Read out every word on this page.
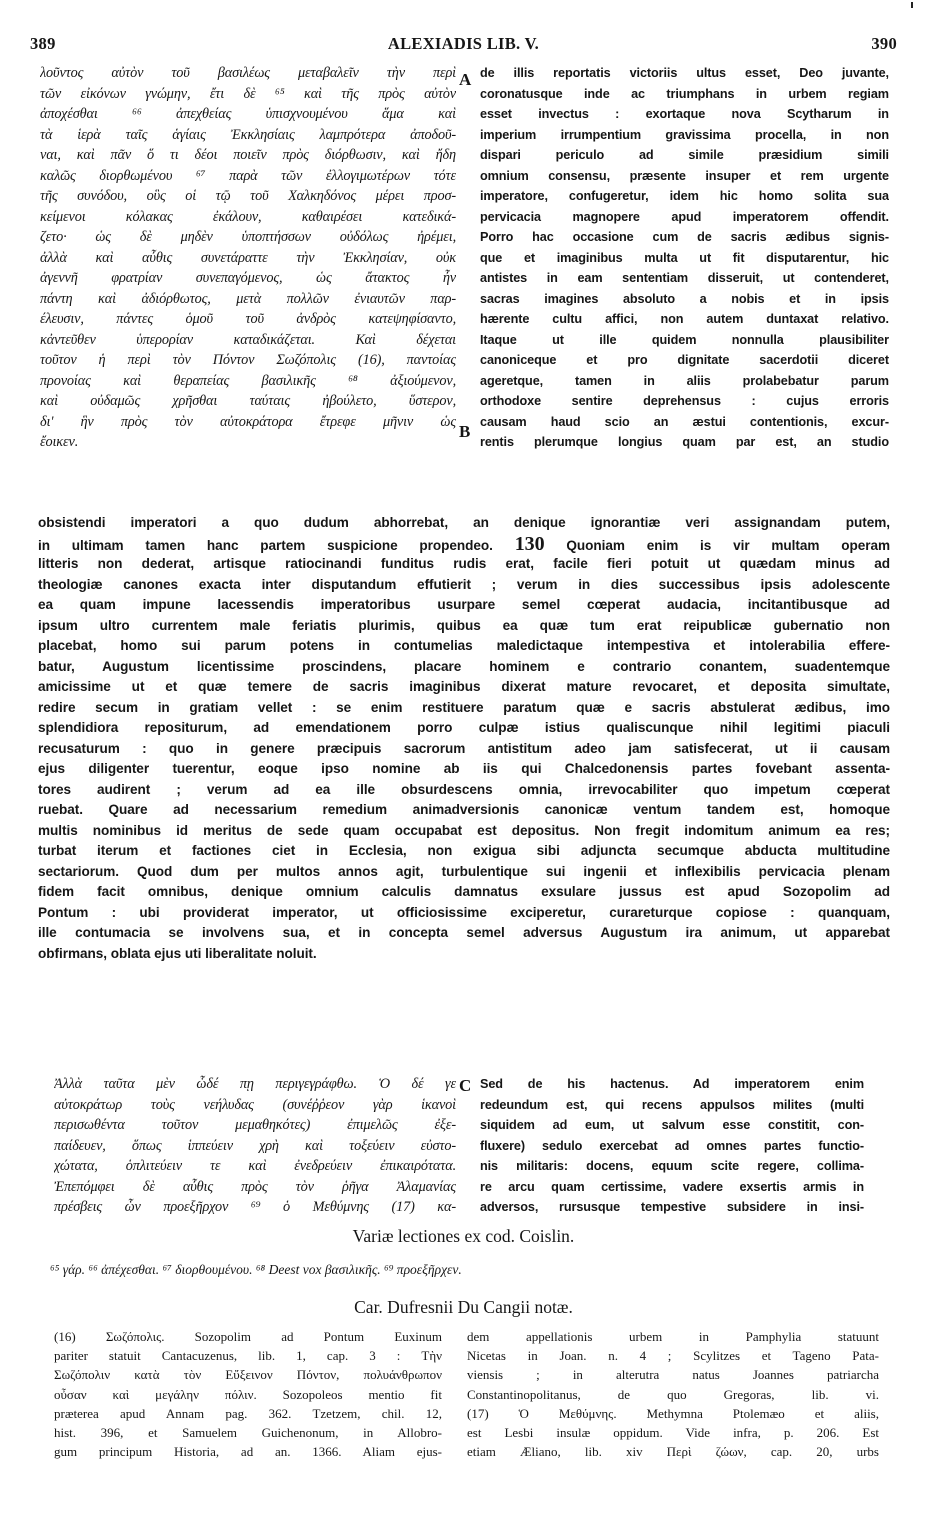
389	ALEXIADIS LIB. V.	390
λοῦντος αὐτὸν τοῦ βασιλέως μεταβαλεῖν τὴν περὶ
τῶν εἰκόνων γνώμην, ἔτι δὲ ⁶⁵ καὶ τῆς πρὸς αὐτὸν
ἀποχέσθαι ⁶⁶ ἀπεχθείας ὑπισχνουμένου ἅμα καὶ
τὰ ἱερὰ ταῖς ἁγίαις Ἐκκλησίαις λαμπρότερα ἀποδοῦ-
ναι, καὶ πᾶν ὅ τι δέοι ποιεῖν πρὸς διόρθωσιν, καὶ ἤδη
καλῶς διορθωμένου ⁶⁷ παρὰ τῶν ἐλλογιμωτέρων τότε
τῆς συνόδου, οὓς οἱ τῷ τοῦ Χαλκηδόνος μέρει προσ-
κείμενοι κόλακας ἐκάλουν, καθαιρέσει κατεδικά-
ζετο· ὡς δὲ μηδὲν ὑποπτήσσων οὐδόλως ἠρέμει,
ἀλλὰ καὶ αὖθις συνετάραττε τὴν Ἐκκλησίαν, οὐκ
ἀγεννῆ φρατρίαν συνεπαγόμενος, ὡς ἄτακτος ἦν
πάντη καὶ ἀδιόρθωτος, μετὰ πολλῶν ἐνιαυτῶν παρ-
έλευσιν, πάντες ὁμοῦ τοῦ ἀνδρὸς κατεψηφίσαντο,
κἀντεῦθεν ὑπερορίαν καταδικάζεται. Καὶ δέχεται
τοῦτον ἡ περὶ τὸν Πόντον Σωζόπολις (16), παντοίας
προνοίας καὶ θεραπείας βασιλικῆς ⁶⁸ ἀξιούμενον,
καὶ οὐδαμῶς χρῆσθαι ταύταις ἠβούλετο, ὕστερον,
δι' ἣν πρὸς τὸν αὐτοκράτορα ἔτρεφε μῆνιν ὡς
ἔοικεν.
A de illis reportatis victoriis ultus esset, Deo juvante,
coronatusque inde ac triumphans in urbem regiam
esset invectus : exortaque nova Scytharum in
imperium irrumpentium gravissima procella, in non
dispari periculo ad simile præsidium simili
omnium consensu, præsente insuper et rem urgente
imperatore, confugeretur, idem hic homo solita sua
pervicacia magnopere apud imperatorem offendit.
Porro hac occasione cum de sacris ædibus signis-
que et imaginibus multa ut fit disputarentur, hic
antistes in eam sententiam disseruit, ut contenderet,
sacras imagines absoluto a nobis et in ipsis
hærente cultu affici, non autem duntaxat relativo.
Itaque ut ille quidem nonnulla plausibiliter
canoniceque et pro dignitate sacerdotii diceret
ageretque, tamen in aliis prolabebatur parum
orthodoxe sentire deprehensus : cujus erroris
causam haud scio an æstui contentionis, excur-
rentis plerumque longius quam par est, an studio
B
obsistendi imperatori a quo dudum abhorrebat, an denique ignorantiæ veri assignandam putem,
in ultimam tamen hanc partem suspicione propendeo. 130 Quoniam enim is vir multam operam
litteris non dederat, artisque ratiocinandi funditus rudis erat, facile fieri potuit ut quædam minus ad
theologiæ canones exacta inter disputandum effutierit ; verum in dies successibus ipsis adolescente
ea quam impune lacessendis imperatoribus usurpare semel cœperat audacia, incitantibusque ad
ipsum ultro currentem male feriatis plurimis, quibus ea quæ tum erat reipublicæ gubernatio non
placebat, homo sui parum potens in contumelias maledictaque intempestiva et intolerabilia effere-
batur, Augustum licentissime proscindens, placare hominem e contrario conantem, suadentemque
amicissime ut et quæ temere de sacris imaginibus dixerat mature revocaret, et deposita simultate,
redire secum in gratiam vellet : se enim restituere paratum quæ e sacris abstulerat ædibus, imo
splendidiora repositurum, ad emendationem porro culpæ istius qualiscunque nihil legitimi piaculi
recusaturum : quo in genere præcipuis sacrorum antistitum adeo jam satisfecerat, ut ii causam
ejus diligenter tuerentur, eoque ipso nomine ab iis qui Chalcedonensis partes fovebant assenta-
tores audirent ; verum ad ea ille obsurdescens omnia, irrevocabiliter quo impetum cœperat
ruebat. Quare ad necessarium remedium animadversionis canonicæ ventum tandem est, homoque
multis nominibus id meritus de sede quam occupabat est depositus. Non fregit indomitum animum ea res;
turbat iterum et factiones ciet in Ecclesia, non exigua sibi adjuncta secumque abducta multitudine
sectariorum. Quod dum per multos annos agit, turbulentique sui ingenii et inflexibilis pervicacia plenam
fidem facit omnibus, denique omnium calculis damnatus exsulare jussus est apud Sozopolim ad
Pontum : ubi providerat imperator, ut officiosissime exciperetur, curareturque copiose : quanquam,
ille contumacia se involvens sua, et in concepta semel adversus Augustum ira animum, ut apparebat
obfirmans, oblata ejus uti liberalitate noluit.
Ἀλλὰ ταῦτα μὲν ὧδέ πῃ περιγεγράφθω. Ὁ δέ γε
αὐτοκράτωρ τοὺς νεήλυδας (συνέῤῥεον γὰρ ἱκανοὶ
περισωθέντα τοῦτον μεμαθηκότες) ἐπιμελῶς ἐξε-
παίδευεν, ὅπως ἱππεύειν χρὴ καὶ τοξεύειν εὐστο-
χώτατα, ὁπλιτεύειν τε καὶ ἐνεδρεύειν ἐπικαιρότατα.
Ἐπεπόμφει δὲ αὖθις πρὸς τὸν ῥῆγα Ἀλαμανίας
πρέσβεις ὧν προεξῆρχον ⁶⁹ ὁ Μεθύμνης (17) κα-
C Sed de his hactenus. Ad imperatorem enim
redeundum est, qui recens appulsos milites (multi
siquidem ad eum, ut salvum esse constitit, con-
fluxere) sedulo exercebat ad omnes partes functio-
nis militaris: docens, equum scite regere, collima-
re arcu quam certissime, vadere exsertis armis in
adversos, rursusque tempestive subsidere in insi-
Variæ lectiones ex cod. Coislin.
⁶⁵ γάρ. ⁶⁶ ἀπέχεσθαι. ⁶⁷ διορθουμένου. ⁶⁸ Deest vox βασιλικῆς. ⁶⁹ προεξῆρχεν.
Car. Dufresnii Du Cangii notæ.
(16) Σωζόπολις. Sozopolim ad Pontum Euxinum
pariter statuit Cantacuzenus, lib. 1, cap. 3 : Τὴν
Σωζόπολιν κατὰ τὸν Εὔξεινον Πόντον, πολυάνθρωπον
οὖσαν καὶ μεγάλην πόλιν. Sozopoleos mentio fit
præterea apud Annam pag. 362. Tzetzem, chil. 12,
hist. 396, et Samuelem Guichenonum, in Allobro-
gum principum Historia, ad an. 1366. Aliam ejus-
dem appellationis urbem in Pamphylia statuunt
Nicetas in Joan. n. 4 ; Scylitzes et Tageno Pata-
viensis ; in alterutra natus Joannes patriarcha
Constantinopolitanus, de quo Gregoras, lib. vi.
(17) Ὁ Μεθύμνης. Methymna Ptolemæo et aliis,
est Lesbi insulæ oppidum. Vide infra, p. 206. Est
etiam Æliano, lib. xiv Περὶ ζώων, cap. 20, urbs
